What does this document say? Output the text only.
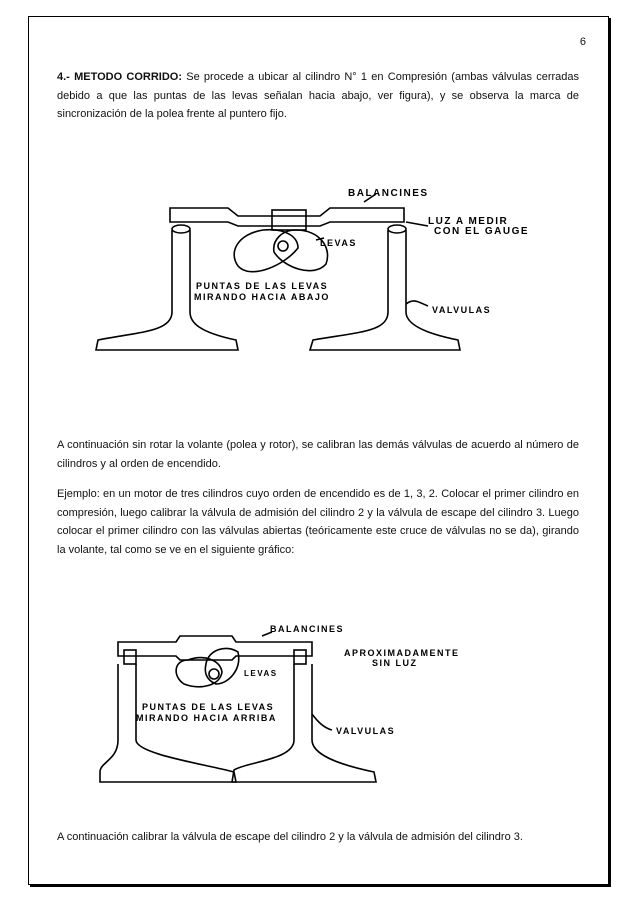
6

4.- METODO CORRIDO: Se procede a ubicar al cilindro N° 1 en Compresión (ambas válvulas cerradas debido a que las puntas de las levas señalan hacia abajo, ver figura), y se observa la marca de sincronización de la polea frente al puntero fijo.

BALANCINES
LUZ A MEDIR
CON EL GAUGE
LEVAS
PUNTAS DE LAS LEVAS
MIRANDO HACIA ABAJO
VALVULAS

A continuación sin rotar la volante (polea y rotor), se calibran las demás válvulas de acuerdo al número de cilindros y al orden de encendido.

Ejemplo: en un motor de tres cilindros cuyo orden de encendido es de 1, 3, 2. Colocar el primer cilindro en compresión, luego calibrar la válvula de admisión del cilindro 2 y la válvula de escape del cilindro 3. Luego colocar el primer cilindro con las válvulas abiertas (teóricamente este cruce de válvulas no se da), girando la volante, tal como se ve en el siguiente gráfico:

BALANCINES
APROXIMADAMENTE
SIN LUZ
LEVAS
PUNTAS DE LAS LEVAS
MIRANDO HACIA ARRIBA
VALVULAS

A continuación calibrar la válvula de escape del cilindro 2 y la válvula de admisión del cilindro 3.
